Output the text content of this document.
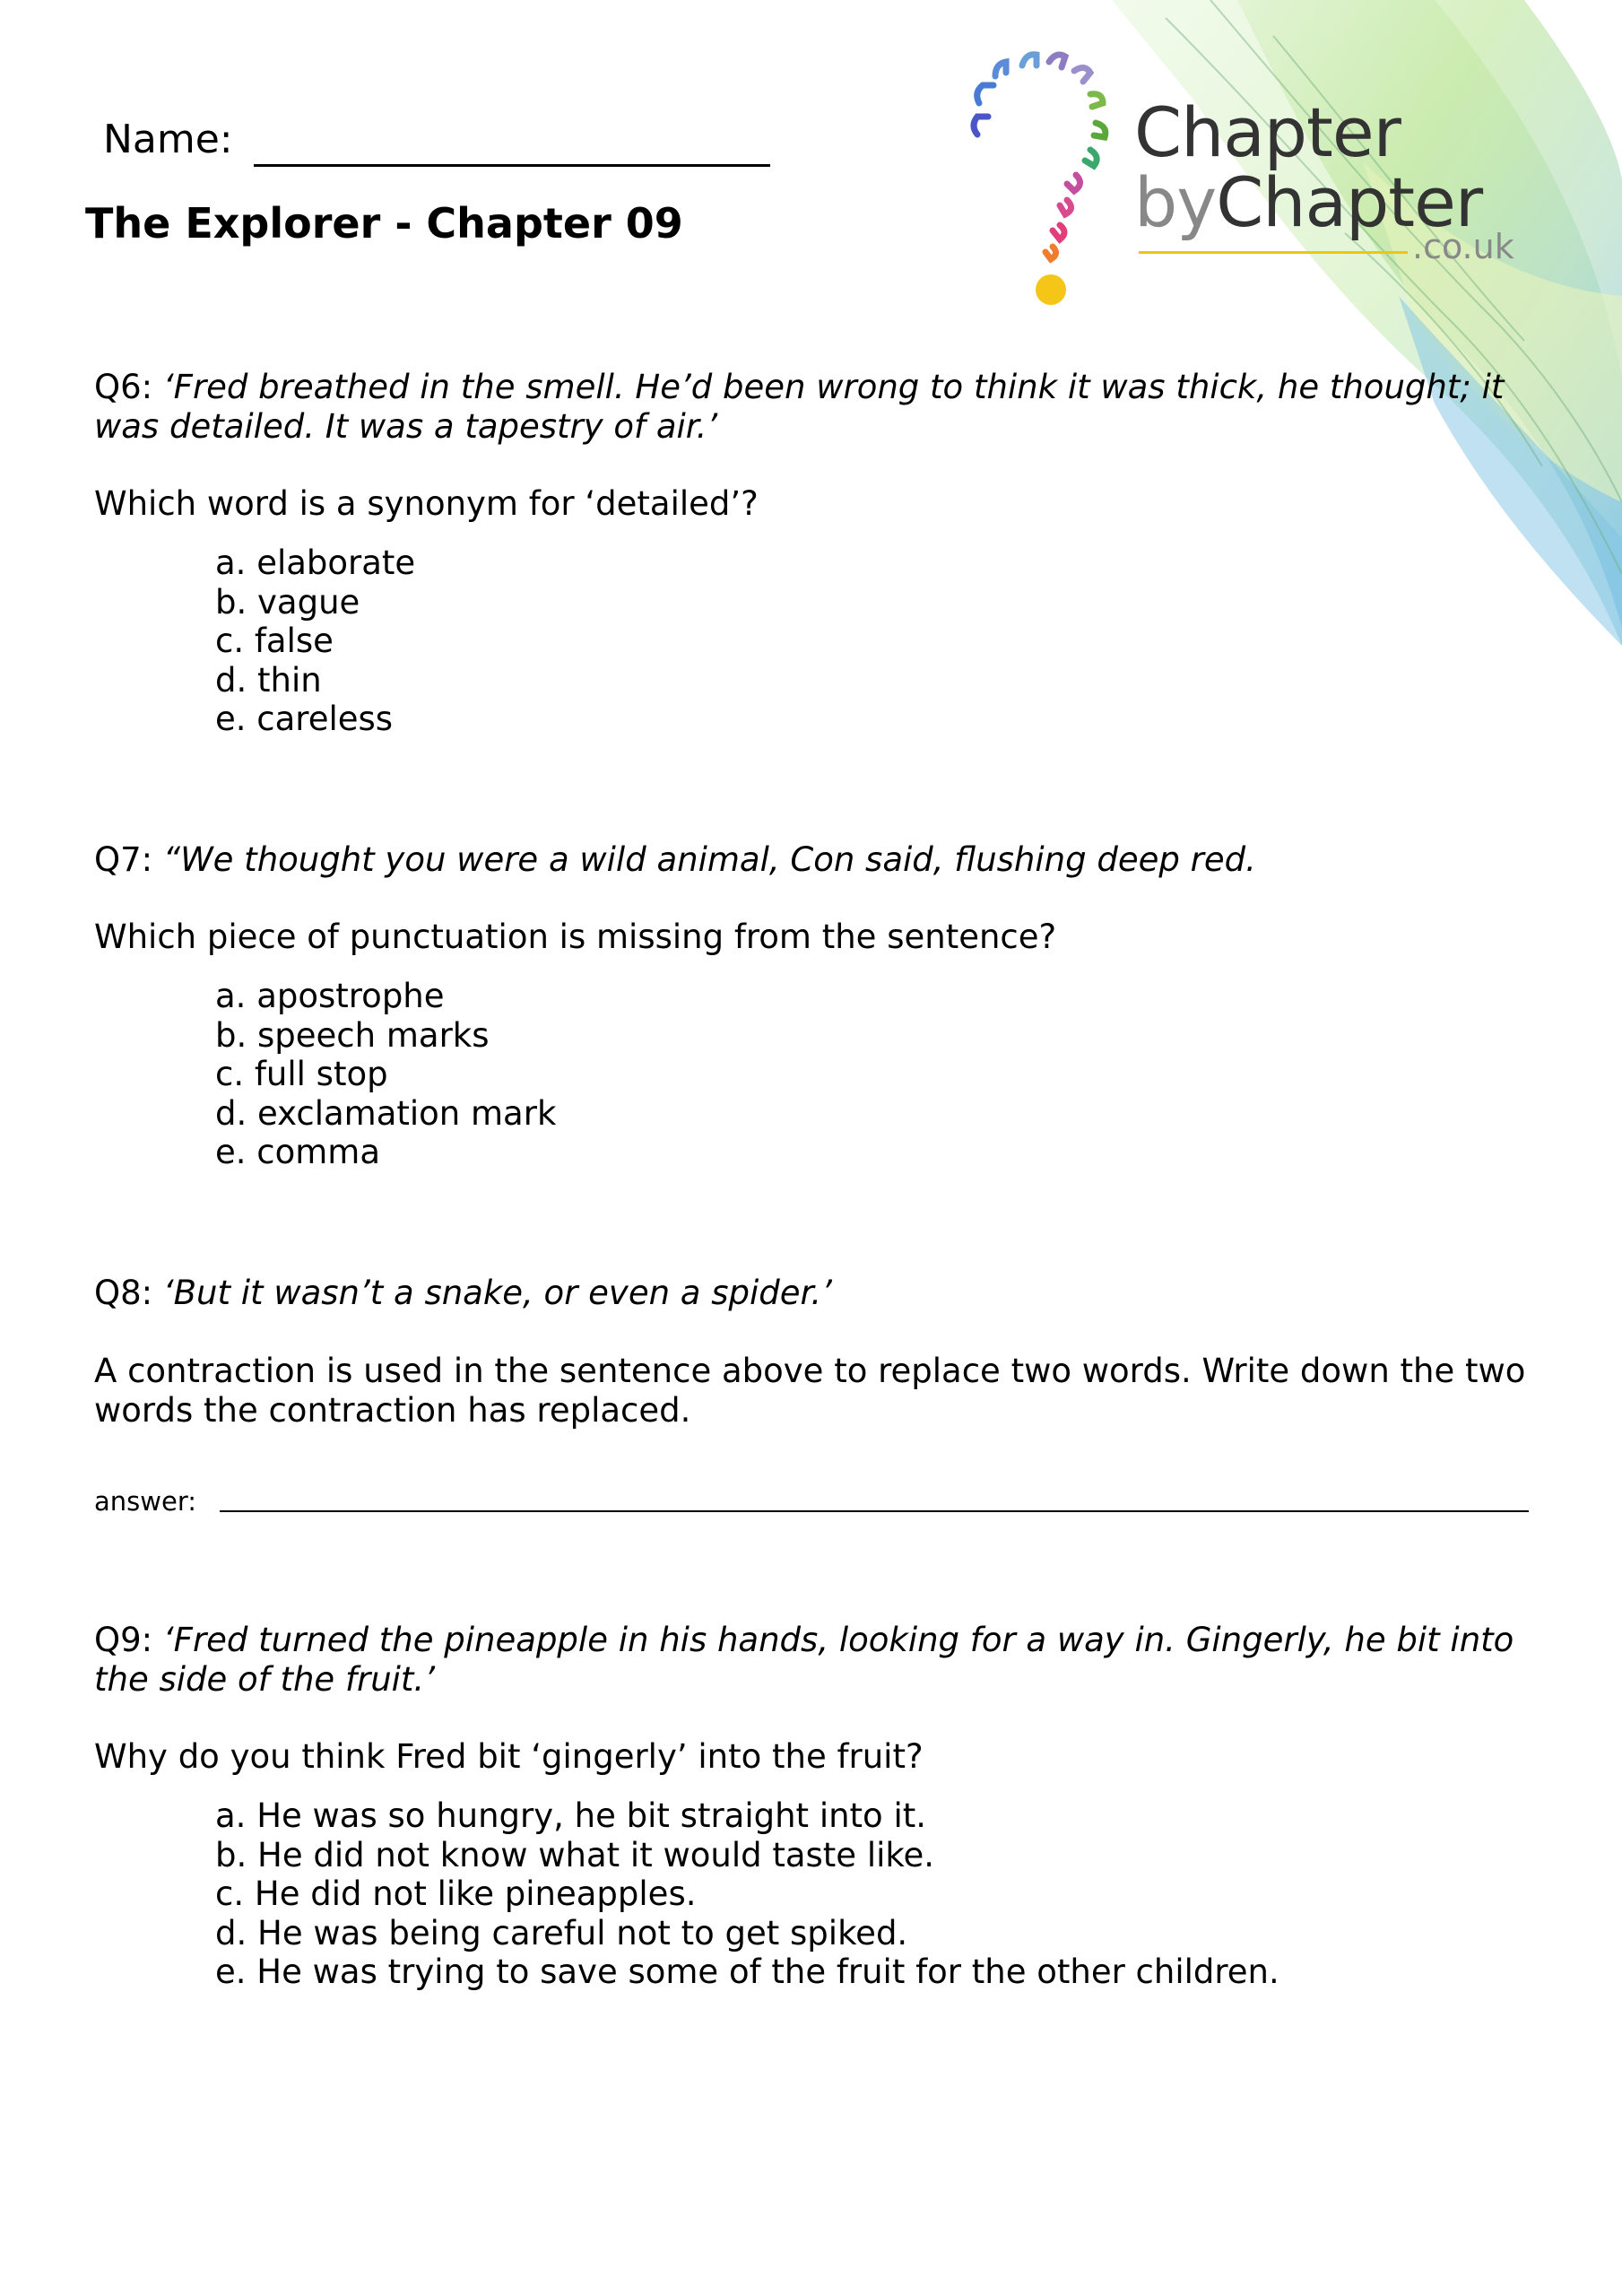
Chapter
byChapter
.co.uk
Name:
The Explorer - Chapter 09

Q6: ‘Fred breathed in the smell. He’d been wrong to think it was thick, he thought; it was detailed. It was a tapestry of air.’

Which word is a synonym for ‘detailed’?

a. elaborate
b. vague
c. false
d. thin
e. careless

Q7: “We thought you were a wild animal, Con said, flushing deep red.

Which piece of punctuation is missing from the sentence?

a. apostrophe
b. speech marks
c. full stop
d. exclamation mark
e. comma

Q8: ‘But it wasn’t a snake, or even a spider.’

A contraction is used in the sentence above to replace two words. Write down the two words the contraction has replaced.

answer:

Q9: ‘Fred turned the pineapple in his hands, looking for a way in. Gingerly, he bit into the side of the fruit.’

Why do you think Fred bit ‘gingerly’ into the fruit?

a. He was so hungry, he bit straight into it.
b. He did not know what it would taste like.
c. He did not like pineapples.
d. He was being careful not to get spiked.
e. He was trying to save some of the fruit for the other children.
